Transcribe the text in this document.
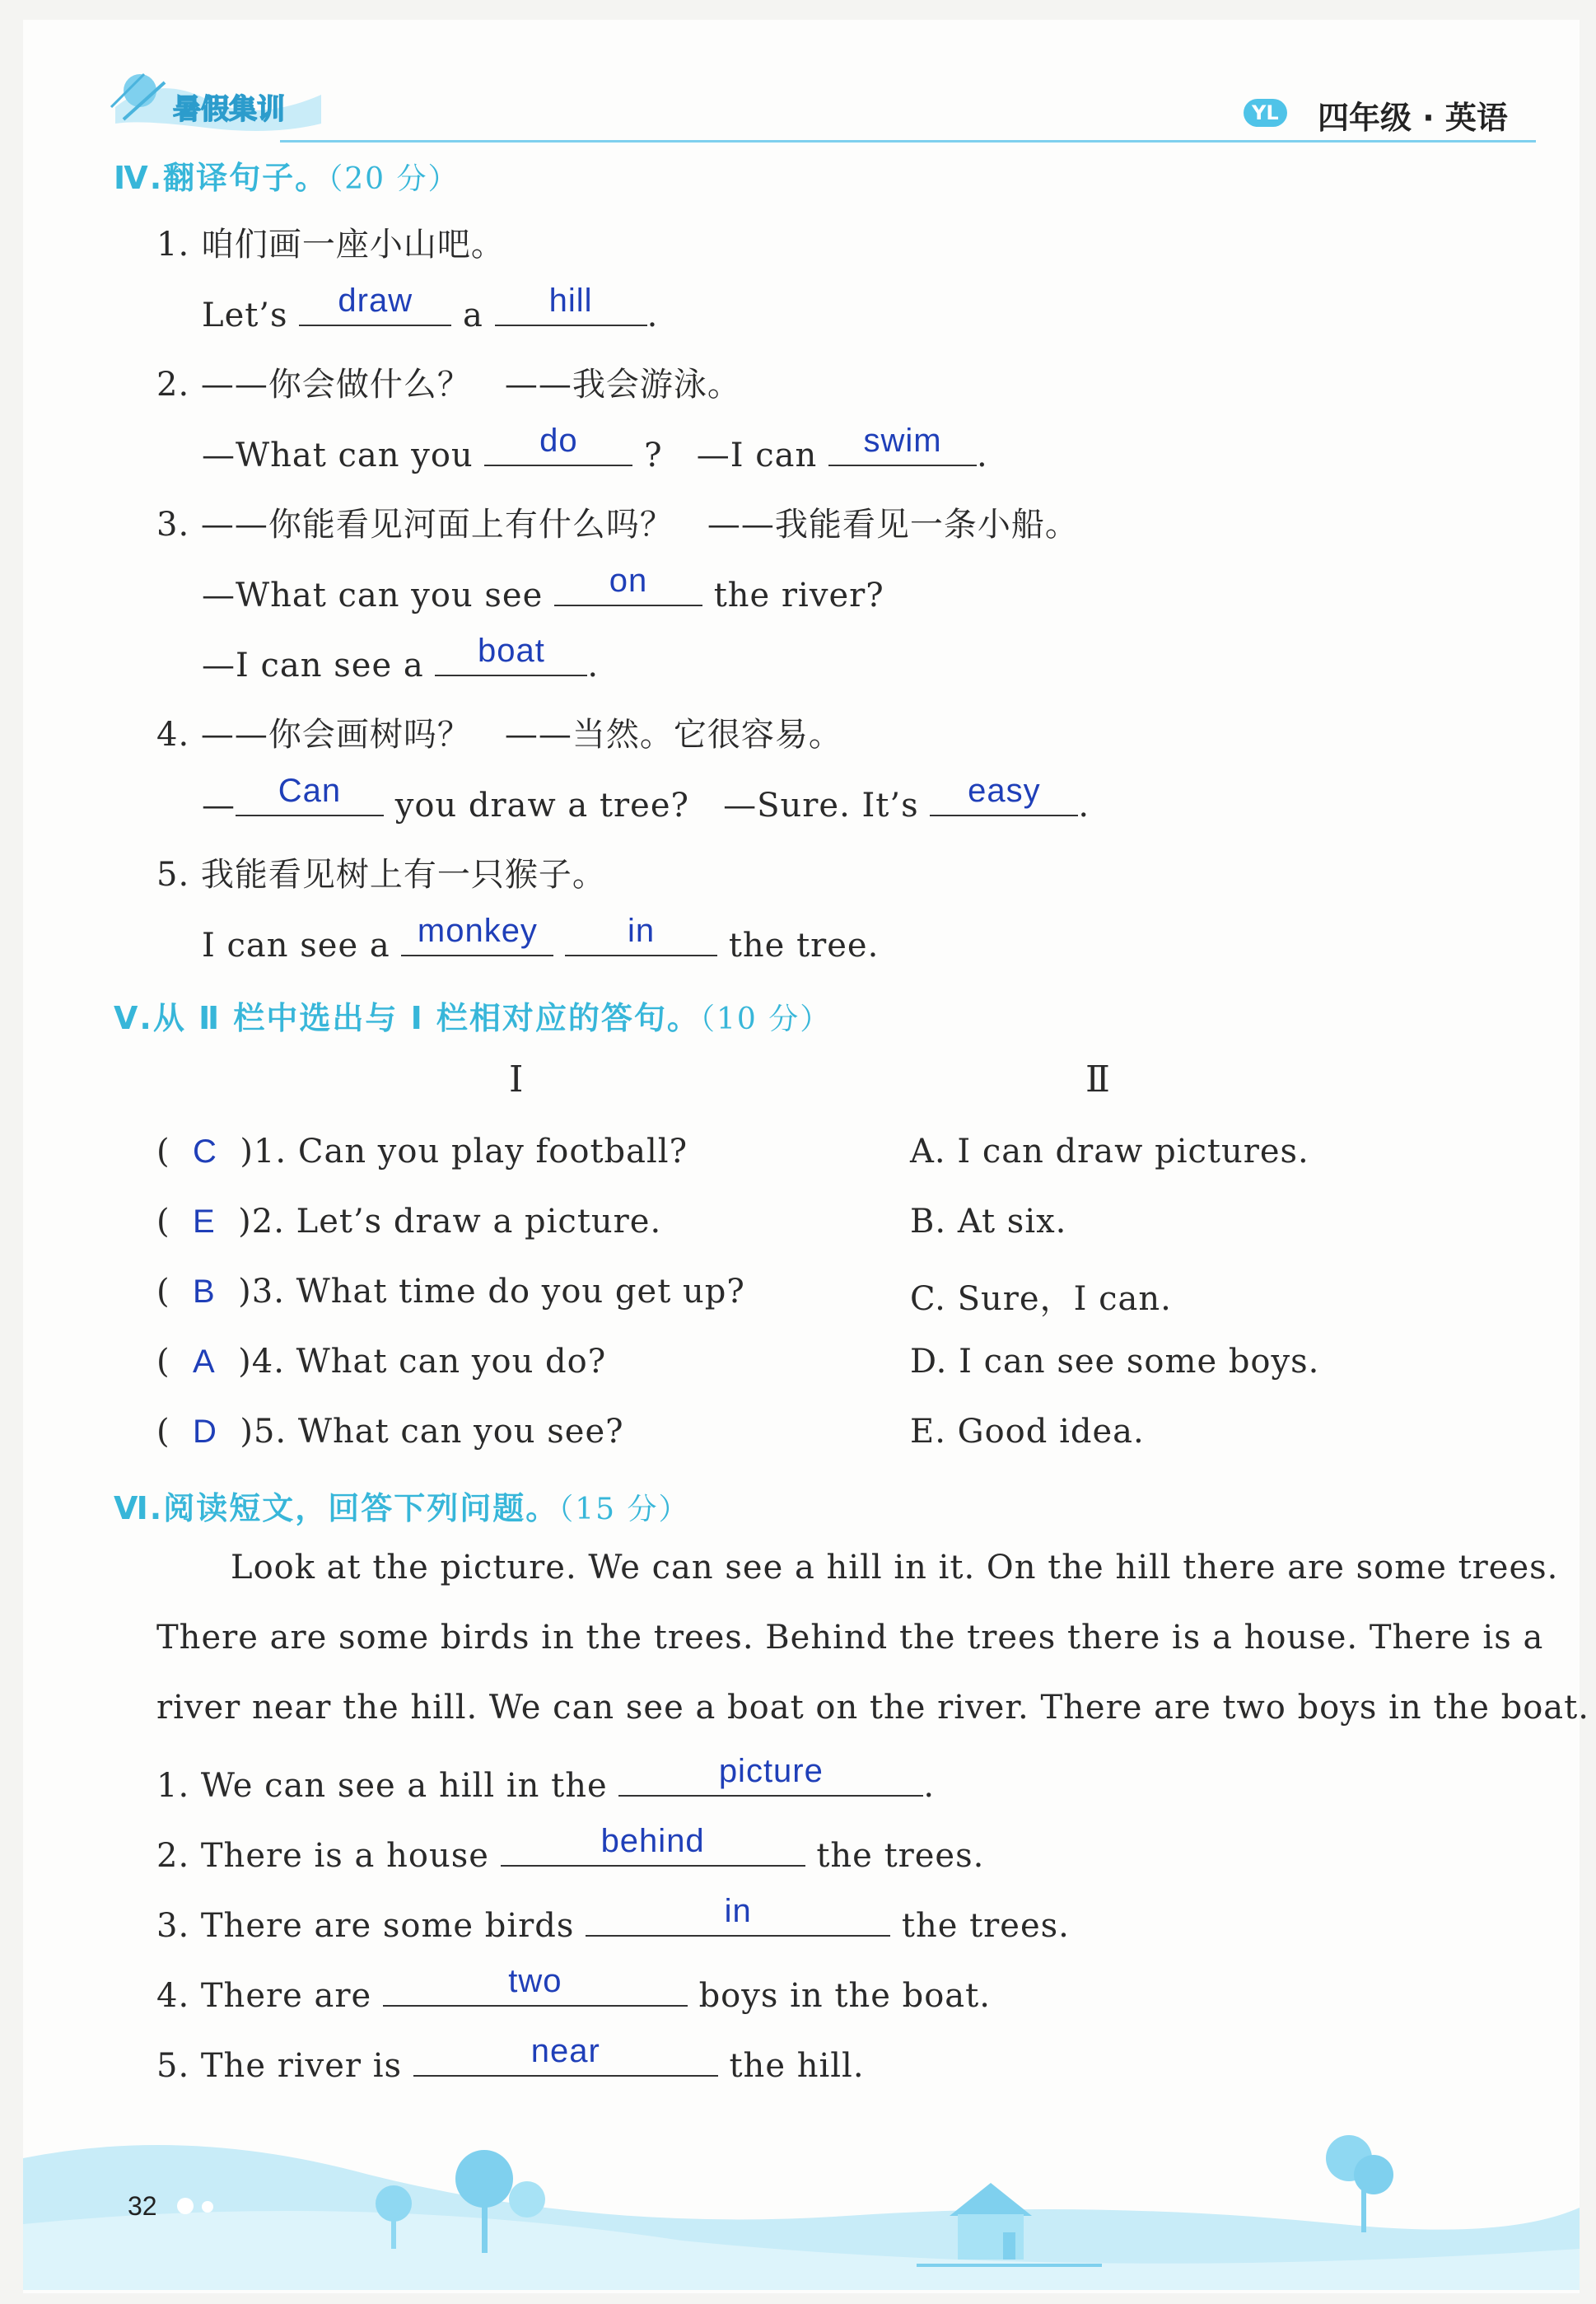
暑假集训	YL 四年级 · 英语
Ⅳ.翻译句子。（20 分）
1. 咱们画一座小山吧。
Let’s	draw	a	hill	.
2. ——你会做什么？　——我会游泳。
—What can you	do	? —I can	swim	.
3. ——你能看见河面上有什么吗？　——我能看见一条小船。
—What can you see	on	the river?
—I can see a	boat	.
4. ——你会画树吗？　——当然。它很容易。
—	Can	you draw a tree? —Sure. It’s	easy	.
5. 我能看见树上有一只猴子。
I can see a monkey
	in	the tree.
Ⅴ.从 Ⅱ 栏中选出与 Ⅰ 栏相对应的答句。（10 分）
Ⅰ	Ⅱ
(  C )1. Can you play football?	A. I can draw pictures.
(  E )2. Let’s draw a picture.	B. At six.
(  B )3. What time do you get up?	C. Sure，I can.
(  A )4. What can you do?	D. I can see some boys.
(  D )5. What can you see?	E. Good idea.
Ⅵ.阅读短文，回答下列问题。（15 分）
Look at the picture. We can see a hill in it. On the hill there are some trees.
There are some birds in the trees. Behind the trees there is a house. There is a
river near the hill. We can see a boat on the river. There are two boys in the boat.
1. We can see a hill in the	picture	.
2. There is a house	behind	the trees.
3. There are some birds	in	the trees.
4. There are	two	boys in the boat.
5. The river is	near	the hill.
32
